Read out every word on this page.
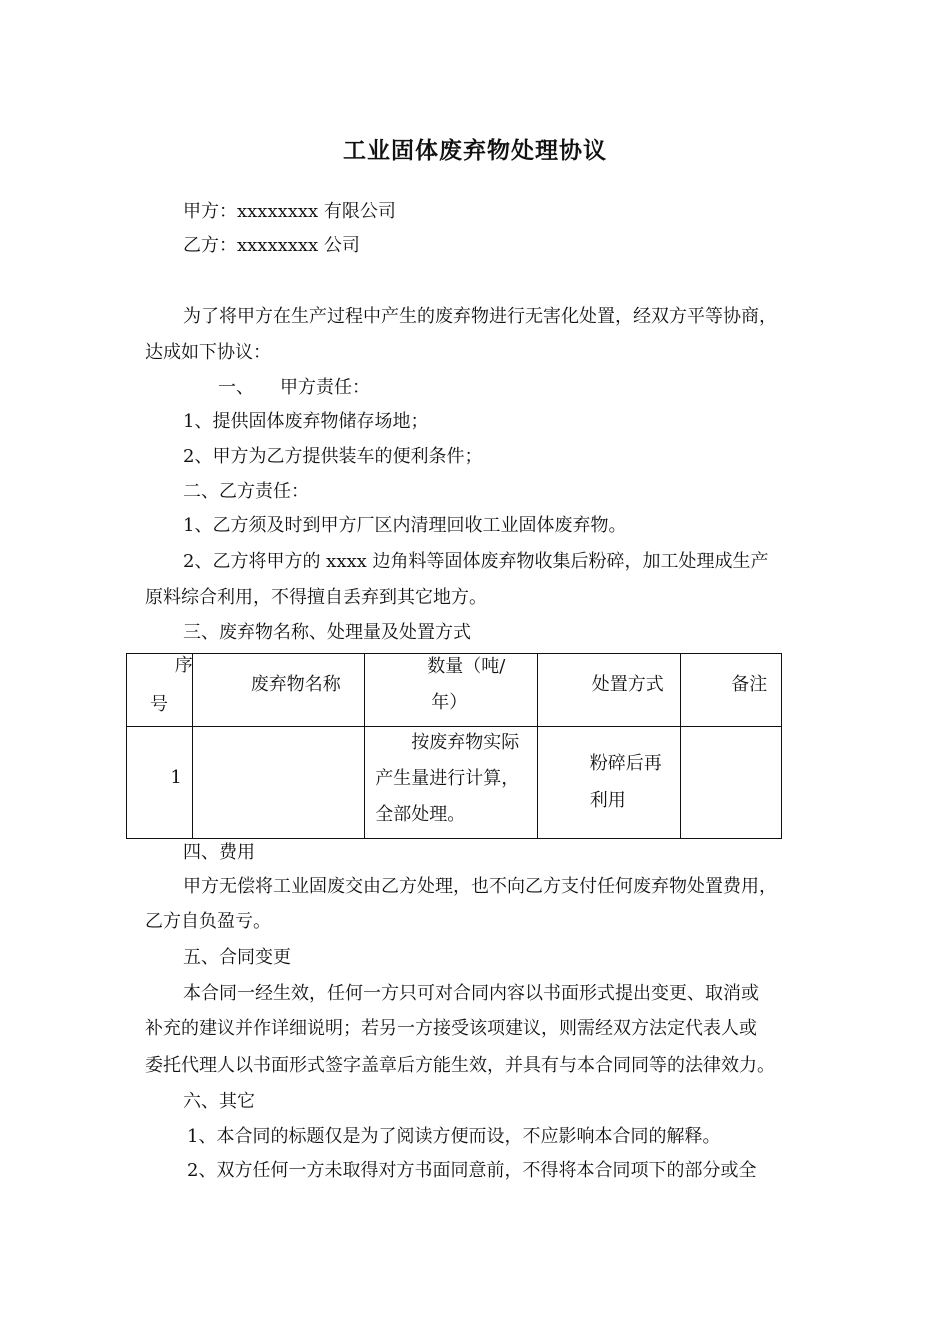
工业固体废弃物处理协议
甲方：xxxxxxxx 有限公司
乙方：xxxxxxxx 公司
为了将甲方在生产过程中产生的废弃物进行无害化处置，经双方平等协商，
达成如下协议：
一、 甲方责任：
1、提供固体废弃物储存场地；
2、甲方为乙方提供装车的便利条件；
二、乙方责任：
1、乙方须及时到甲方厂区内清理回收工业固体废弃物。
2、乙方将甲方的 xxxx 边角料等固体废弃物收集后粉碎，加工处理成生产
原料综合利用，不得擅自丢弃到其它地方。
三、废弃物名称、处理量及处置方式
序
号	废弃物名称	数量（吨/
年）	处置方式	备注

1		按废弃物实际
产生量进行计算，
全部处理。	粉碎后再
利用	

四、费用
甲方无偿将工业固废交由乙方处理，也不向乙方支付任何废弃物处置费用，
乙方自负盈亏。
五、合同变更
本合同一经生效，任何一方只可对合同内容以书面形式提出变更、取消或
补充的建议并作详细说明；若另一方接受该项建议，则需经双方法定代表人或
委托代理人以书面形式签字盖章后方能生效，并具有与本合同同等的法律效力。
六、其它
1、本合同的标题仅是为了阅读方便而设，不应影响本合同的解释。
2、双方任何一方未取得对方书面同意前，不得将本合同项下的部分或全
